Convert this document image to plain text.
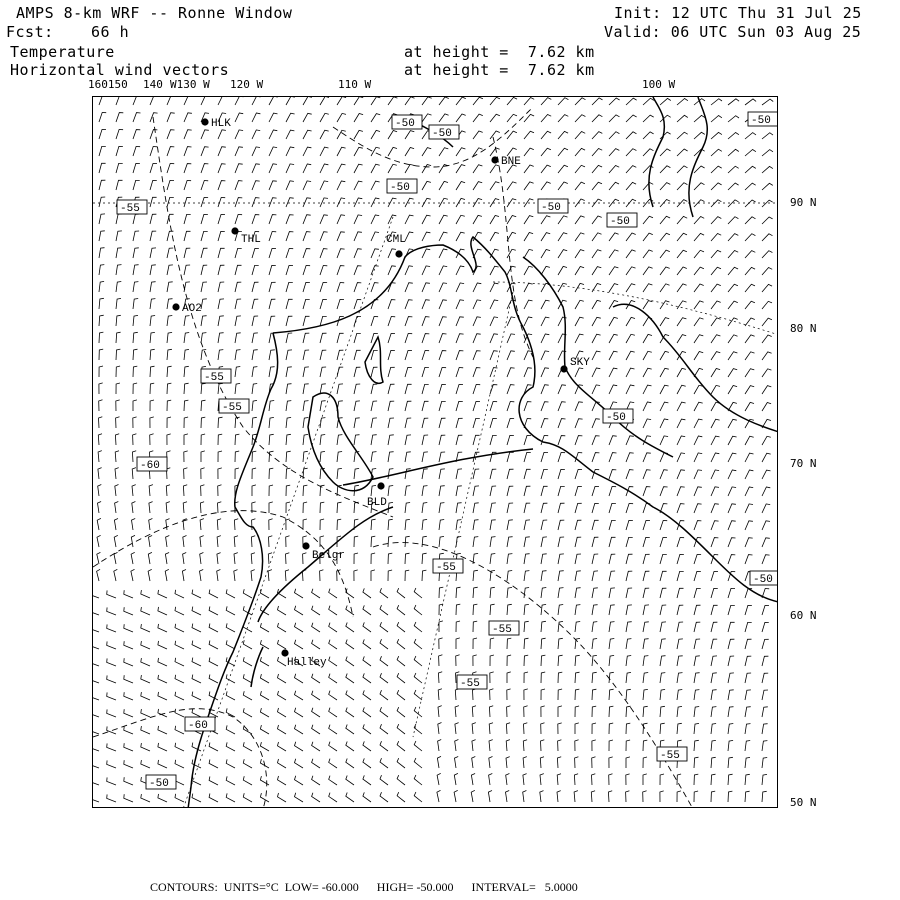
AMPS 8-km WRF -- Ronne Window	Init: 12 UTC Thu 31 Jul 25
Fcst: 66 h	Valid: 06 UTC Sun 03 Aug 25
Temperature	at height =  7.62 km
Horizontal wind vectors	at height =  7.62 km
160150 140 W130 W 120 W	110 W	100 W
90 N
80 N
70 N
60 N
50 N
HLK
BNE
THL	CML
AO2
SKY
BLD
Belgr
Halley
-50
-50
-50
-55	-50
-50
-50
-55
-55
-50
-60
-55
-50
-55
-55
-60
-50
-55
CONTOURS:  UNITS=°C  LOW= -60.000      HIGH= -50.000      INTERVAL=   5.0000
